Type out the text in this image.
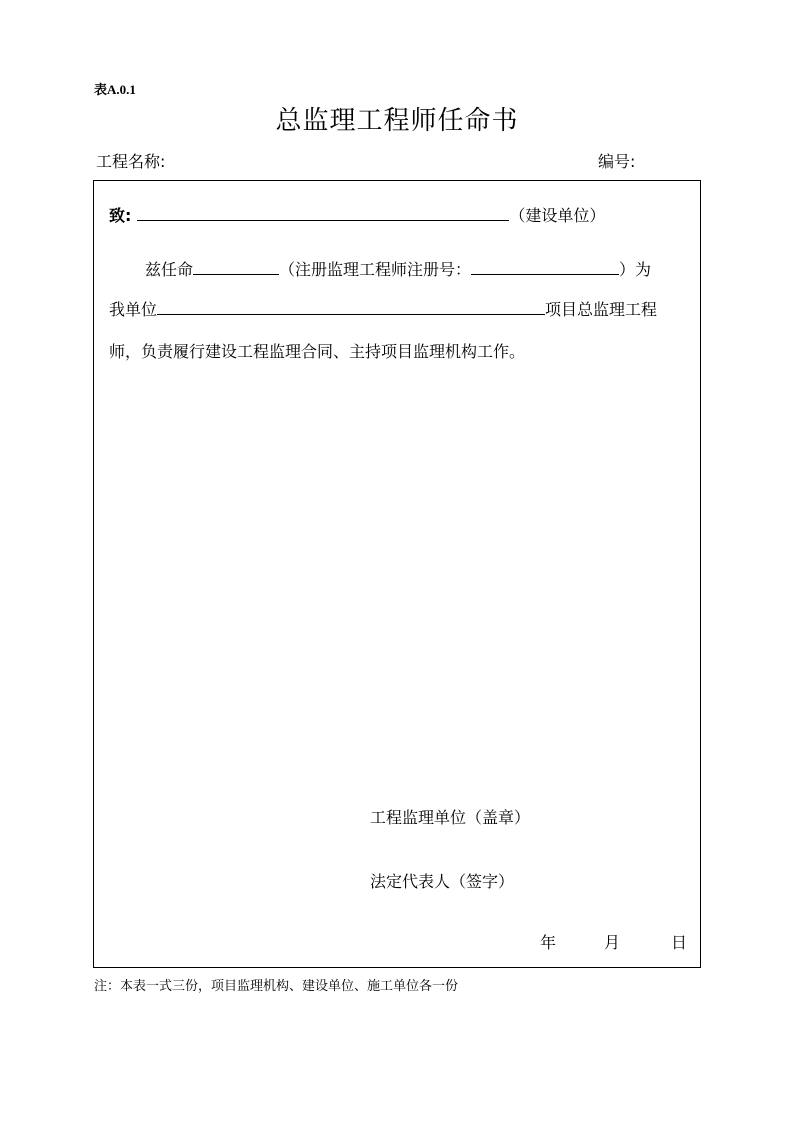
表A.0.1
总监理工程师任命书
工程名称:	编号:
致:	（建设单位）
兹任命	（注册监理工程师注册号：	）为
我单位	项目总监理工程
师，负责履行建设工程监理合同、主持项目监理机构工作。
工程监理单位（盖章）
法定代表人（签字）
年	月	日
注：本表一式三份，项目监理机构、建设单位、施工单位各一份
